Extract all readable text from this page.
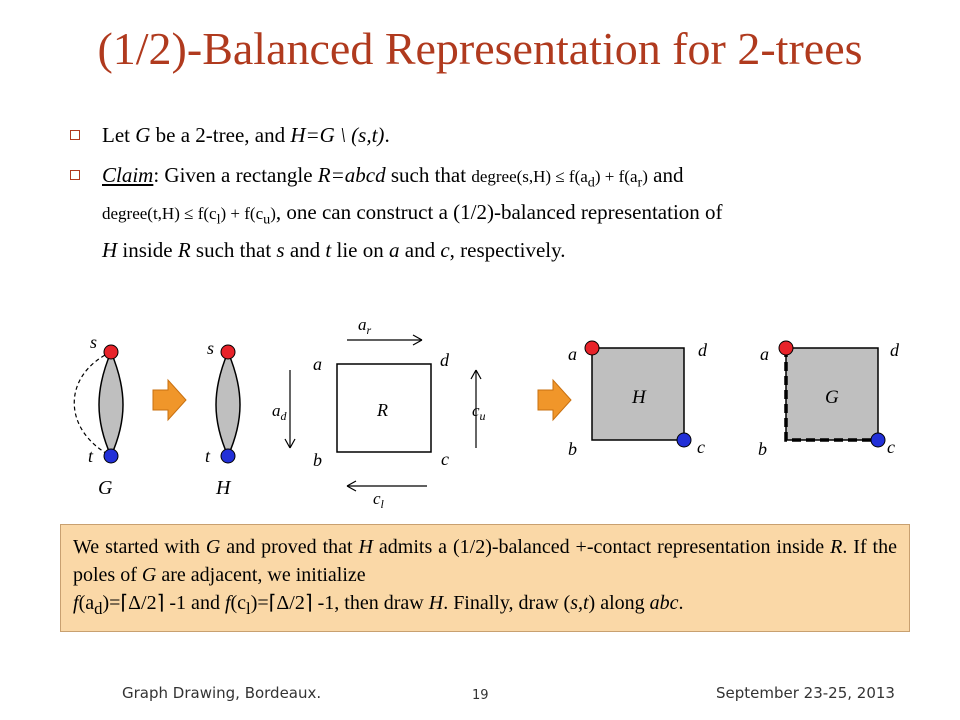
(1/2)-Balanced Representation for 2-trees
Let G be a 2-tree, and H=G \ (s,t).
Claim: Given a rectangle R=abcd such that degree(s,H) ≤ $f(a_d) + f(a_r)$ and
degree(t,H) ≤ $f(c_l) + f(c_u)$, one can construct a (1/2)-balanced representation of
H inside R such that s and t lie on a and c, respectively.
s
t
G
s
t
H
$a_r$
$a_d$	$c_u$
$c_l$
a	d
b	c
R
a	d
b	c
H
a	d
b	c
G
We started with G and proved that H admits a (1/2)-balanced +-contact representation inside R. If the poles of G are adjacent, we initialize
$f(a_d)=⌈\Delta/2⌉$ -1 and $f(c_l)=⌈\Delta/2⌉$ -1, then draw H. Finally, draw (s,t) along abc.
Graph Drawing, Bordeaux.	19	September 23-25, 2013
